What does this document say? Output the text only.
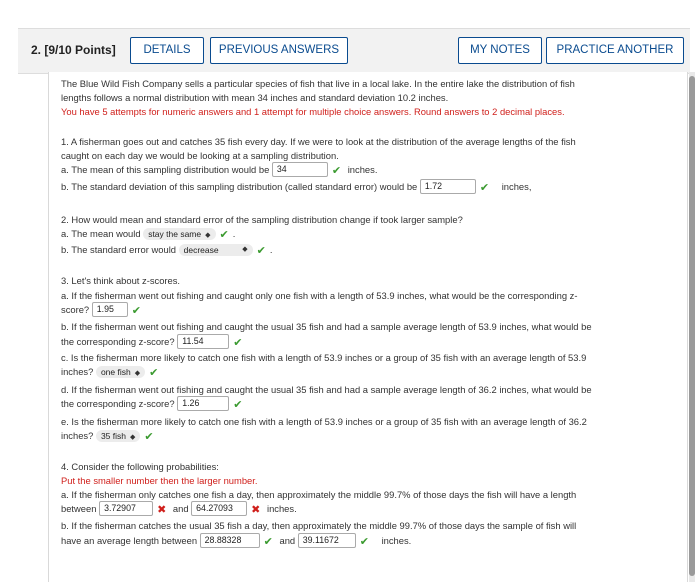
2. [9/10 Points]	DETAILS	PREVIOUS ANSWERS	MY NOTES	PRACTICE ANOTHER
The Blue Wild Fish Company sells a particular species of fish that live in a local lake. In the entire lake the distribution of fish
lengths follows a normal distribution with mean 34 inches and standard deviation 10.2 inches.
You have 5 attempts for numeric answers and 1 attempt for multiple choice answers. Round answers to 2 decimal places.
1. A fisherman goes out and catches 35 fish every day. If we were to look at the distribution of the average lengths of the fish
caught on each day we would be looking at a sampling distribution.
a. The mean of this sampling distribution would be 34	✔ inches.
b. The standard deviation of this sampling distribution (called standard error) would be 1.72	✔ inches,
2. How would mean and standard error of the sampling distribution change if took larger sample?
a. The mean would stay the same ◆ ✔ .
b. The standard error would decrease	◆ ✔ .
3. Let's think about z-scores.
a. If the fisherman went out fishing and caught only one fish with a length of 53.9 inches, what would be the corresponding z-
score? 1.95 ✔
b. If the fisherman went out fishing and caught the usual 35 fish and had a sample average length of 53.9 inches, what would be
the corresponding z-score? 11.54	✔
c. Is the fisherman more likely to catch one fish with a length of 53.9 inches or a group of 35 fish with an average length of 53.9
inches? one fish ◆ ✔
d. If the fisherman went out fishing and caught the usual 35 fish and had a sample average length of 36.2 inches, what would be
the corresponding z-score? 1.26	✔
e. Is the fisherman more likely to catch one fish with a length of 53.9 inches or a group of 35 fish with an average length of 36.2
inches? 35 fish ◆ ✔
4. Consider the following probabilities:
Put the smaller number then the larger number.
a. If the fisherman only catches one fish a day, then approximately the middle 99.7% of those days the fish will have a length
between 3.72907 ✖ and 64.27093 ✖ inches.
b. If the fisherman catches the usual 35 fish a day, then approximately the middle 99.7% of those days the sample of fish will
have an average length between 28.88328 ✔ and 39.11672 ✔ inches.
